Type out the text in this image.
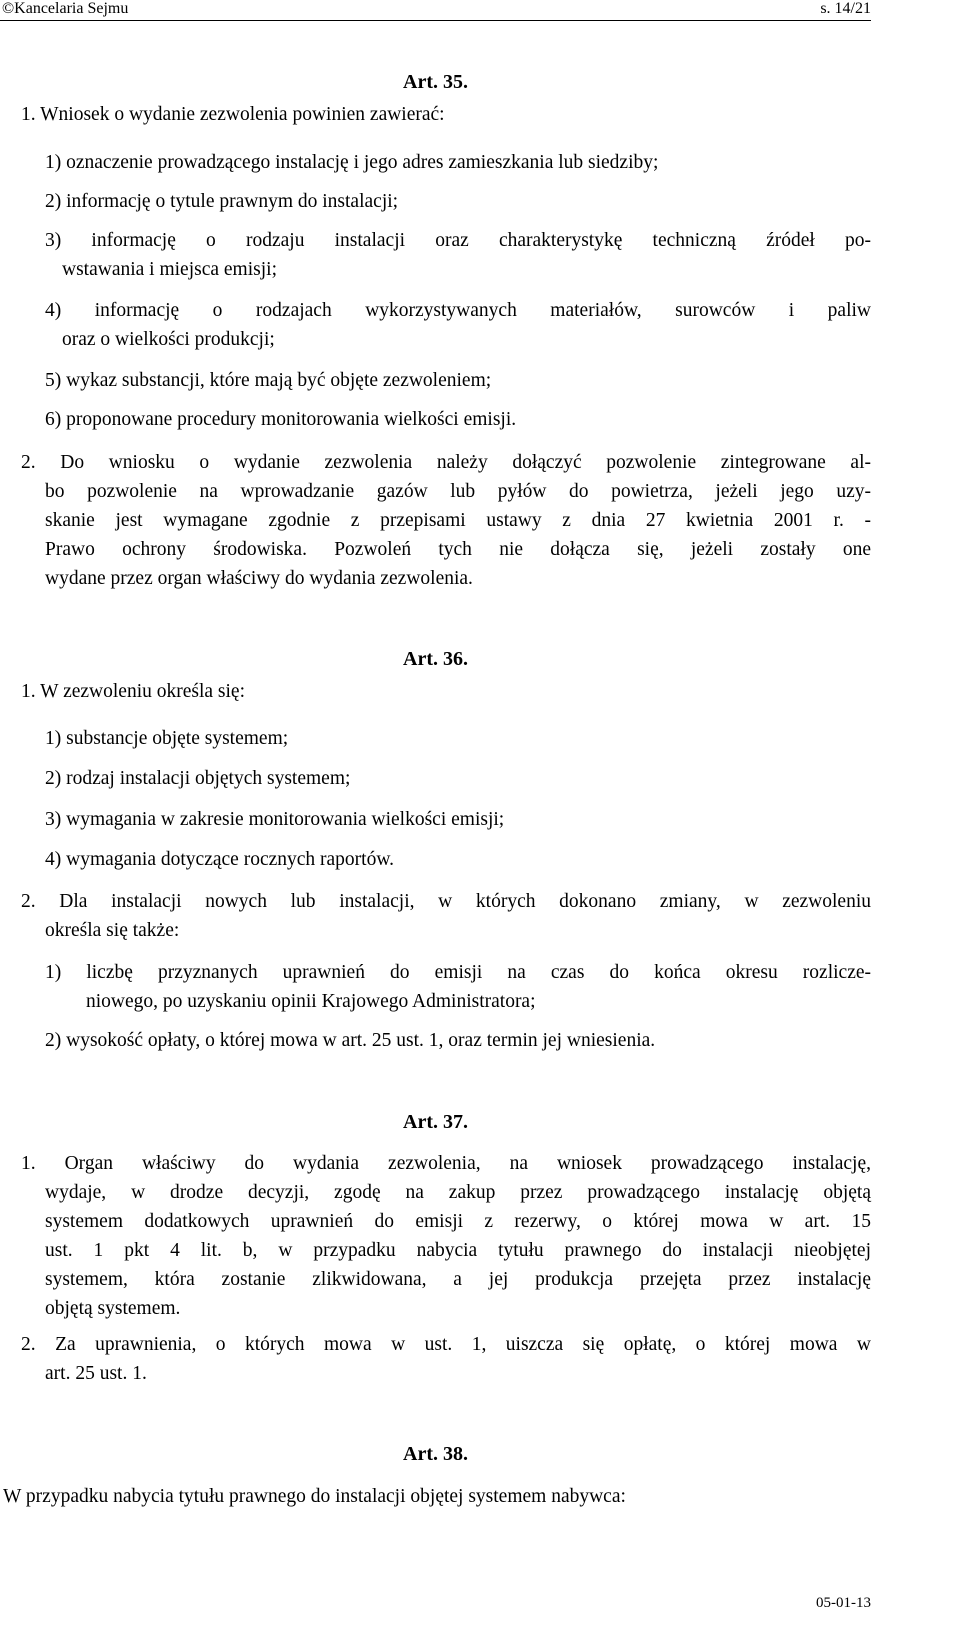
©Kancelaria Sejmu	s. 14/21
Art. 35.
1. Wniosek o wydanie zezwolenia powinien zawierać:
1) oznaczenie prowadzącego instalację i jego adres zamieszkania lub siedziby;
2) informację o tytule prawnym do instalacji;
3) informację o rodzaju instalacji oraz charakterystykę techniczną źródeł po-
wstawania i miejsca emisji;
4) informację o rodzajach wykorzystywanych materiałów, surowców i paliw
oraz o wielkości produkcji;
5) wykaz substancji, które mają być objęte zezwoleniem;
6) proponowane procedury monitorowania wielkości emisji.
2. Do wniosku o wydanie zezwolenia należy dołączyć pozwolenie zintegrowane al-
bo pozwolenie na wprowadzanie gazów lub pyłów do powietrza, jeżeli jego uzy-
skanie jest wymagane zgodnie z przepisami ustawy z dnia 27 kwietnia 2001 r. -
Prawo ochrony środowiska. Pozwoleń tych nie dołącza się, jeżeli zostały one
wydane przez organ właściwy do wydania zezwolenia.
Art. 36.
1. W zezwoleniu określa się:
1) substancje objęte systemem;
2) rodzaj instalacji objętych systemem;
3) wymagania w zakresie monitorowania wielkości emisji;
4) wymagania dotyczące rocznych raportów.
2. Dla instalacji nowych lub instalacji, w których dokonano zmiany, w zezwoleniu
określa się także:
1) liczbę przyznanych uprawnień do emisji na czas do końca okresu rozlicze-
niowego, po uzyskaniu opinii Krajowego Administratora;
2) wysokość opłaty, o której mowa w art. 25 ust. 1, oraz termin jej wniesienia.
Art. 37.
1. Organ właściwy do wydania zezwolenia, na wniosek prowadzącego instalację,
wydaje, w drodze decyzji, zgodę na zakup przez prowadzącego instalację objętą
systemem dodatkowych uprawnień do emisji z rezerwy, o której mowa w art. 15
ust. 1 pkt 4 lit. b, w przypadku nabycia tytułu prawnego do instalacji nieobjętej
systemem, która zostanie zlikwidowana, a jej produkcja przejęta przez instalację
objętą systemem.
2. Za uprawnienia, o których mowa w ust. 1, uiszcza się opłatę, o której mowa w
art. 25 ust. 1.
Art. 38.
W przypadku nabycia tytułu prawnego do instalacji objętej systemem nabywca:
05-01-13
